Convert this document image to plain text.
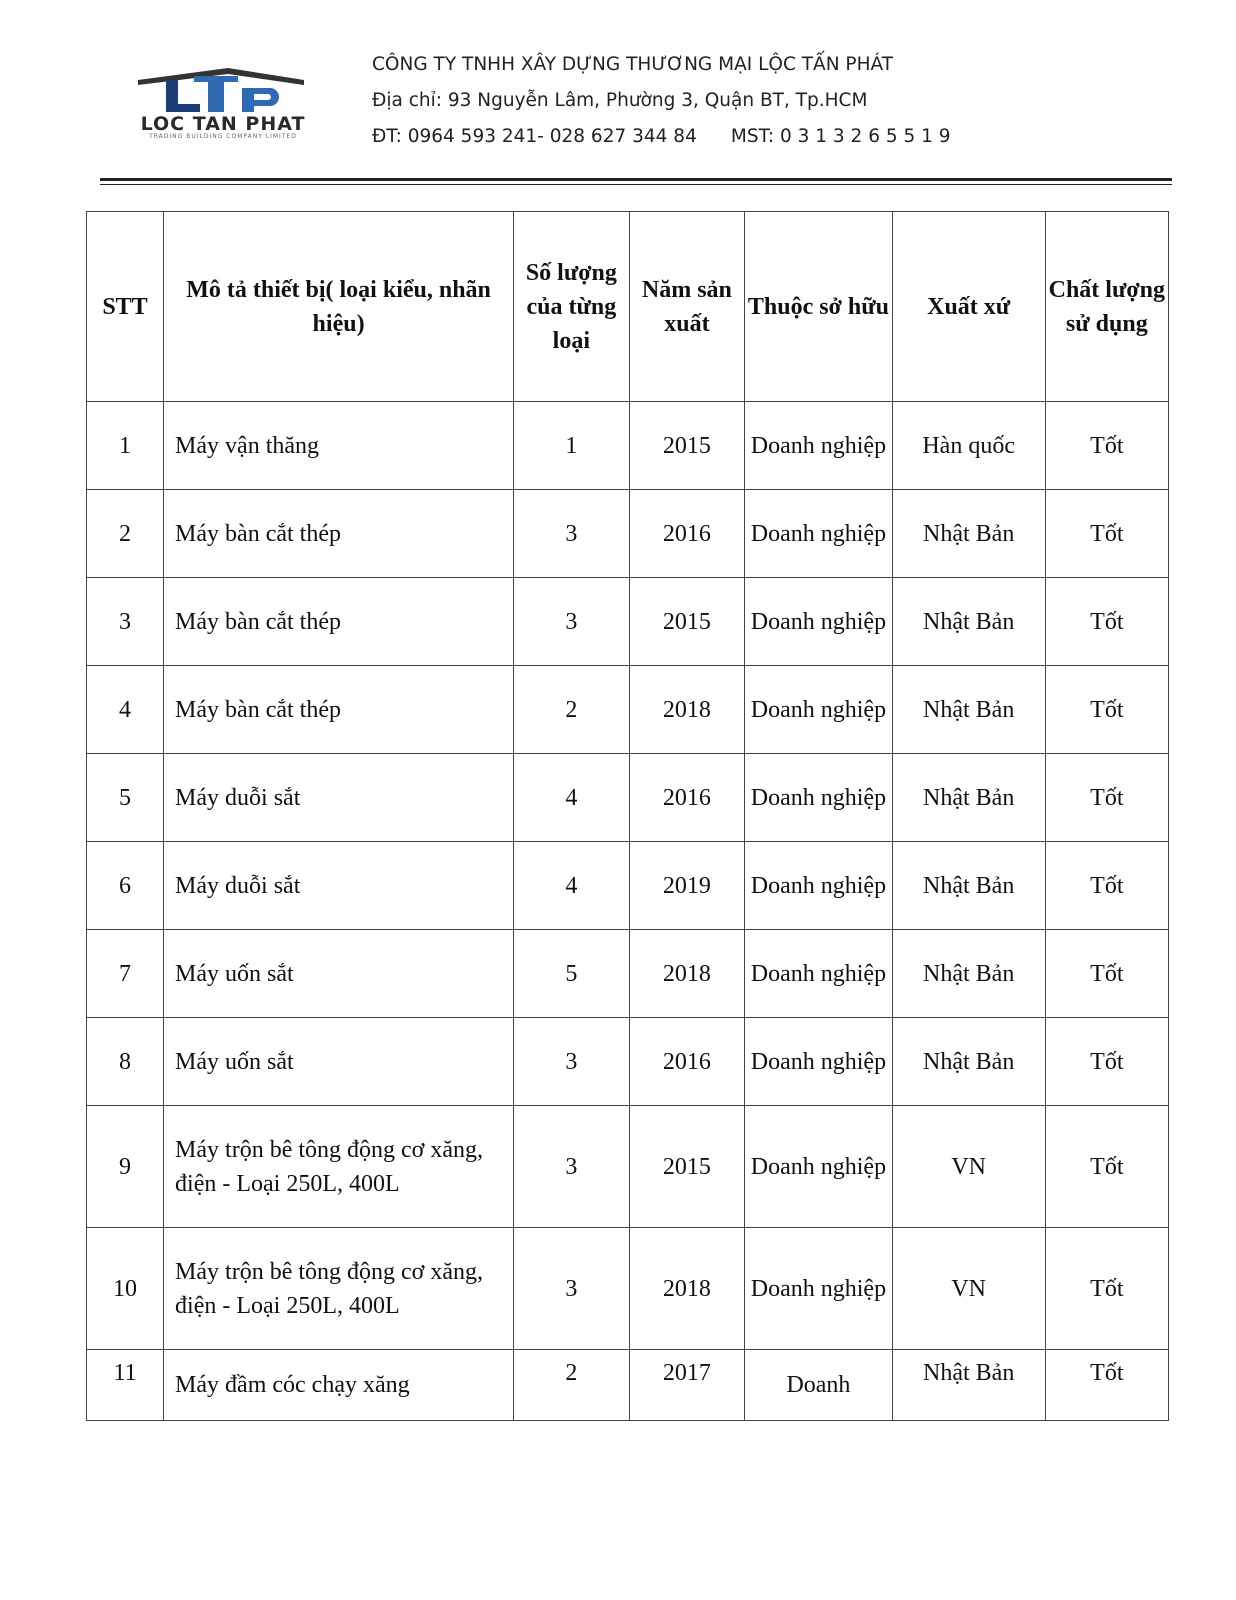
LOC TAN PHAT
TRADING BUILDING COMPANY LIMITED
CÔNG TY TNHH XÂY DỰNG THƯƠNG MẠI LỘC TẤN PHÁT
Địa chỉ: 93 Nguyễn Lâm, Phường 3, Quận BT, Tp.HCM
ĐT: 0964 593 241- 028 627 344 84 MST: 0 3 1 3 2 6 5 5 1 9
STT	Mô tả thiết bị( loại kiểu, nhãn hiệu)	Số lượng của từng loại	Năm sản xuất	Thuộc sở hữu	Xuất xứ	Chất lượng sử dụng
1	Máy vận thăng	1	2015	Doanh nghiệp	Hàn quốc	Tốt
2	Máy bàn cắt thép	3	2016	Doanh nghiệp	Nhật Bản	Tốt
3	Máy bàn cắt thép	3	2015	Doanh nghiệp	Nhật Bản	Tốt
4	Máy bàn cắt thép	2	2018	Doanh nghiệp	Nhật Bản	Tốt
5	Máy duỗi sắt	4	2016	Doanh nghiệp	Nhật Bản	Tốt
6	Máy duỗi sắt	4	2019	Doanh nghiệp	Nhật Bản	Tốt
7	Máy uốn sắt	5	2018	Doanh nghiệp	Nhật Bản	Tốt
8	Máy uốn sắt	3	2016	Doanh nghiệp	Nhật Bản	Tốt
9	Máy trộn bê tông động cơ xăng, điện - Loại 250L, 400L	3	2015	Doanh nghiệp	VN	Tốt
10	Máy trộn bê tông động cơ xăng, điện - Loại 250L, 400L	3	2018	Doanh nghiệp	VN	Tốt
11	Máy đầm cóc chạy xăng	2	2017	Doanh	Nhật Bản	Tốt
